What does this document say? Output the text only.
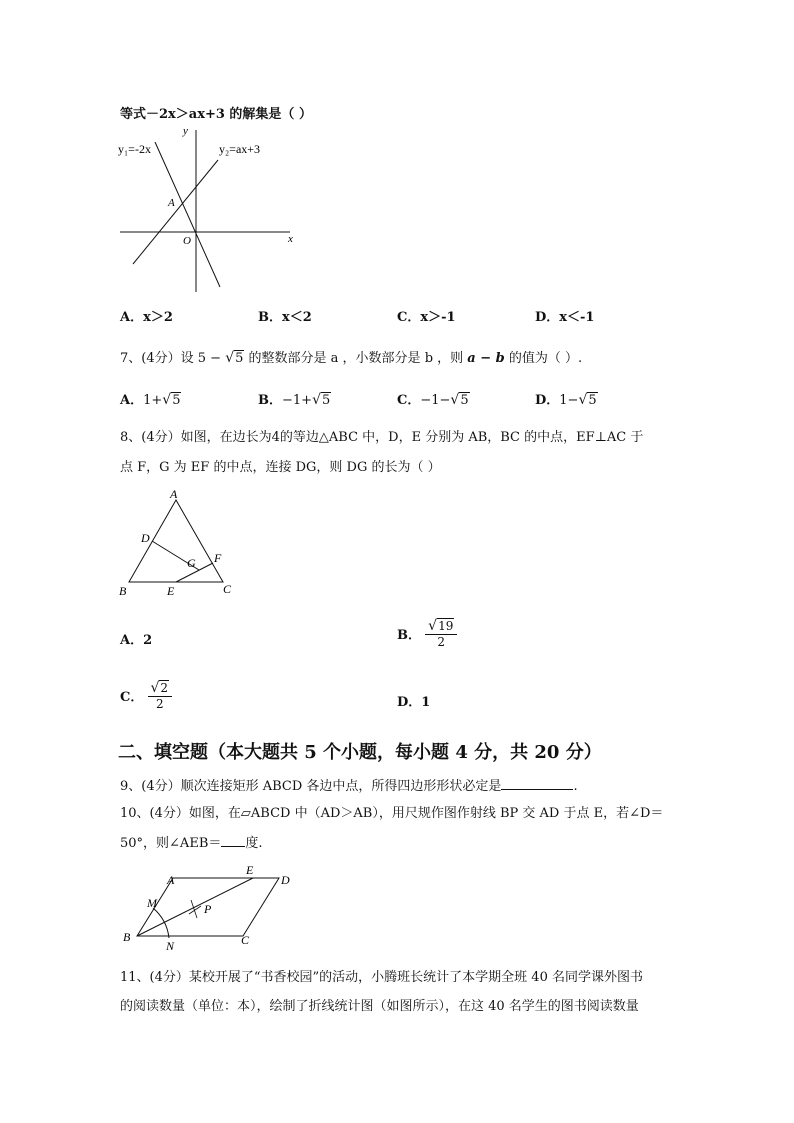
等式－2x＞ax+3 的解集是（ ）
y₁=-2x	y₂=ax+3
A
O	x
y
A．x＞2	B．x＜2	C．x＞-1	D．x＜-1
7、(4分）设 5 − √5 的整数部分是 a ，小数部分是 b ，则 a − b 的值为（ ）.
A．1+√5	B．−1+√5	C．−1−√5	D．1−√5
8、(4分）如图，在边长为4的等边△ABC 中，D，E 分别为 AB，BC 的中点，EF⊥AC 于
点 F，G 为 EF 的中点，连接 DG，则 DG 的长为（ ）
A
B	C
D
E
F
G
A．2	B． $\frac{√19}{2}$
C． $\frac{√2}{2}$	D．1
二、填空题（本大题共 5 个小题，每小题 4 分，共 20 分）
9、(4分）顺次连接矩形 ABCD 各边中点，所得四边形形状必定是	.
10、(4分）如图，在▱ABCD 中（AD＞AB），用尺规作图作射线 BP 交 AD 于点 E，若∠D＝
50°，则∠AEB＝ 度.
A
B	C
D
E
M
N
P
11、(4分）某校开展了“书香校园”的活动，小腾班长统计了本学期全班 40 名同学课外图书
的阅读数量（单位：本），绘制了折线统计图（如图所示），在这 40 名学生的图书阅读数量
